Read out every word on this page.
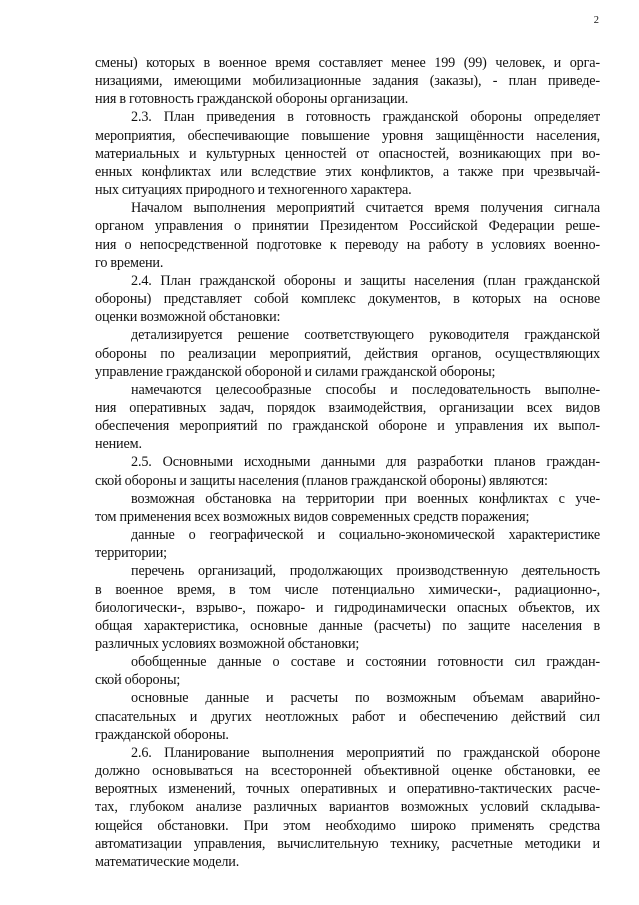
2

смены) которых в военное время составляет менее 199 (99) человек, и орга-

низациями, имеющими мобилизационные задания (заказы), - план приведе-

ния в готовность гражданской обороны организации.

2.3. План приведения в готовность гражданской обороны определяет

мероприятия, обеспечивающие повышение уровня защищённости населения,

материальных и культурных ценностей от опасностей, возникающих при во-

енных конфликтах или вследствие этих конфликтов, а также при чрезвычай-

ных ситуациях природного и техногенного характера.

Началом выполнения мероприятий считается время получения сигнала

органом управления о принятии Президентом Российской Федерации реше-

ния о непосредственной подготовке к переводу на работу в условиях военно-

го времени.

2.4. План гражданской обороны и защиты населения (план гражданской

обороны) представляет собой комплекс документов, в которых на основе

оценки возможной обстановки:

детализируется решение соответствующего руководителя гражданской

обороны по реализации мероприятий, действия органов, осуществляющих

управление гражданской обороной и силами гражданской обороны;

намечаются целесообразные способы и последовательность выполне-

ния оперативных задач, порядок взаимодействия, организации всех видов

обеспечения мероприятий по гражданской обороне и управления их выпол-

нением.

2.5. Основными исходными данными для разработки планов граждан-

ской обороны и защиты населения (планов гражданской обороны) являются:

возможная обстановка на территории при военных конфликтах с уче-

том применения всех возможных видов современных средств поражения;

данные о географической и социально-экономической характеристике

территории;

перечень организаций, продолжающих производственную деятельность

в военное время, в том числе потенциально химически-, радиационно-,

биологически-, взрыво-, пожаро- и гидродинамически опасных объектов, их

общая характеристика, основные данные (расчеты) по защите населения в

различных условиях возможной обстановки;

обобщенные данные о составе и состоянии готовности сил граждан-

ской обороны;

основные данные и расчеты по возможным объемам аварийно-

спасательных и других неотложных работ и обеспечению действий сил

гражданской обороны.

2.6. Планирование выполнения мероприятий по гражданской обороне

должно основываться на всесторонней объективной оценке обстановки, ее

вероятных изменений, точных оперативных и оперативно-тактических расче-

тах, глубоком анализе различных вариантов возможных условий складыва-

ющейся обстановки. При этом необходимо широко применять средства

автоматизации управления, вычислительную технику, расчетные методики и

математические модели.
